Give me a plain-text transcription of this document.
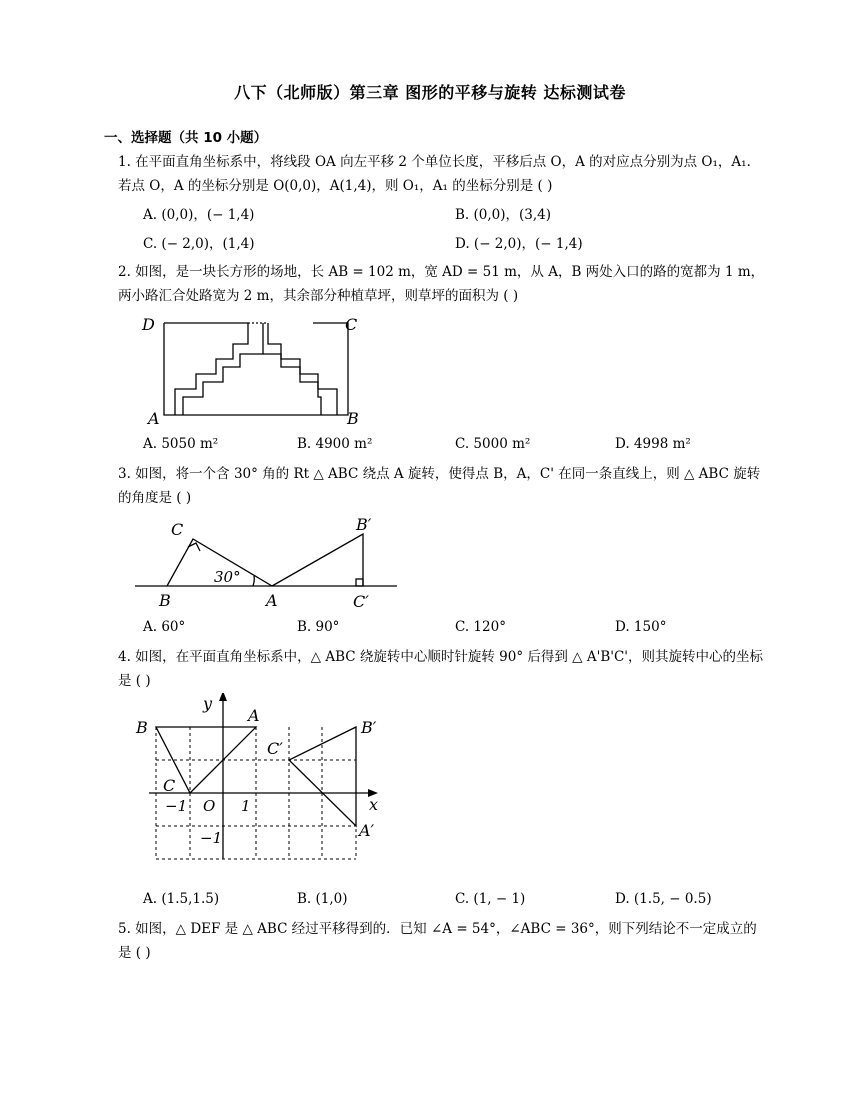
八下（北师版）第三章 图形的平移与旋转 达标测试卷
一、选择题（共 10 小题）
1. 在平面直角坐标系中，将线段 OA 向左平移 2 个单位长度，平移后点 O，A 的对应点分别为点 O₁，A₁．若点 O，A 的坐标分别是 O(0,0)，A(1,4)，则 O₁，A₁ 的坐标分别是 ( )
A. (0,0)，(− 1,4)	B. (0,0)，(3,4)
C. (− 2,0)，(1,4)	D. (− 2,0)，(− 1,4)
2. 如图，是一块长方形的场地，长 AB = 102 m，宽 AD = 51 m，从 A，B 两处入口的路的宽都为 1 m，两小路汇合处路宽为 2 m，其余部分种植草坪，则草坪的面积为 ( )
D	C
A	B
A. 5050 m²	B. 4900 m²	C. 5000 m²	D. 4998 m²
3. 如图，将一个含 30° 角的 Rt △ ABC 绕点 A 旋转，使得点 B，A，C' 在同一条直线上，则 △ ABC 旋转的角度是 ( )
C
B	A
30°
B′
C′
A. 60°	B. 90°	C. 120°	D. 150°
4. 如图，在平面直角坐标系中，△ ABC 绕旋转中心顺时针旋转 90° 后得到 △ A'B'C'，则其旋转中心的坐标是 ( )
y
x
B
A
C
O
−1	1
−1
B′
C′
A′
A. (1.5,1.5)	B. (1,0)	C. (1, − 1)	D. (1.5, − 0.5)
5. 如图，△ DEF 是 △ ABC 经过平移得到的．已知 ∠A = 54°，∠ABC = 36°，则下列结论不一定成立的是 ( )
